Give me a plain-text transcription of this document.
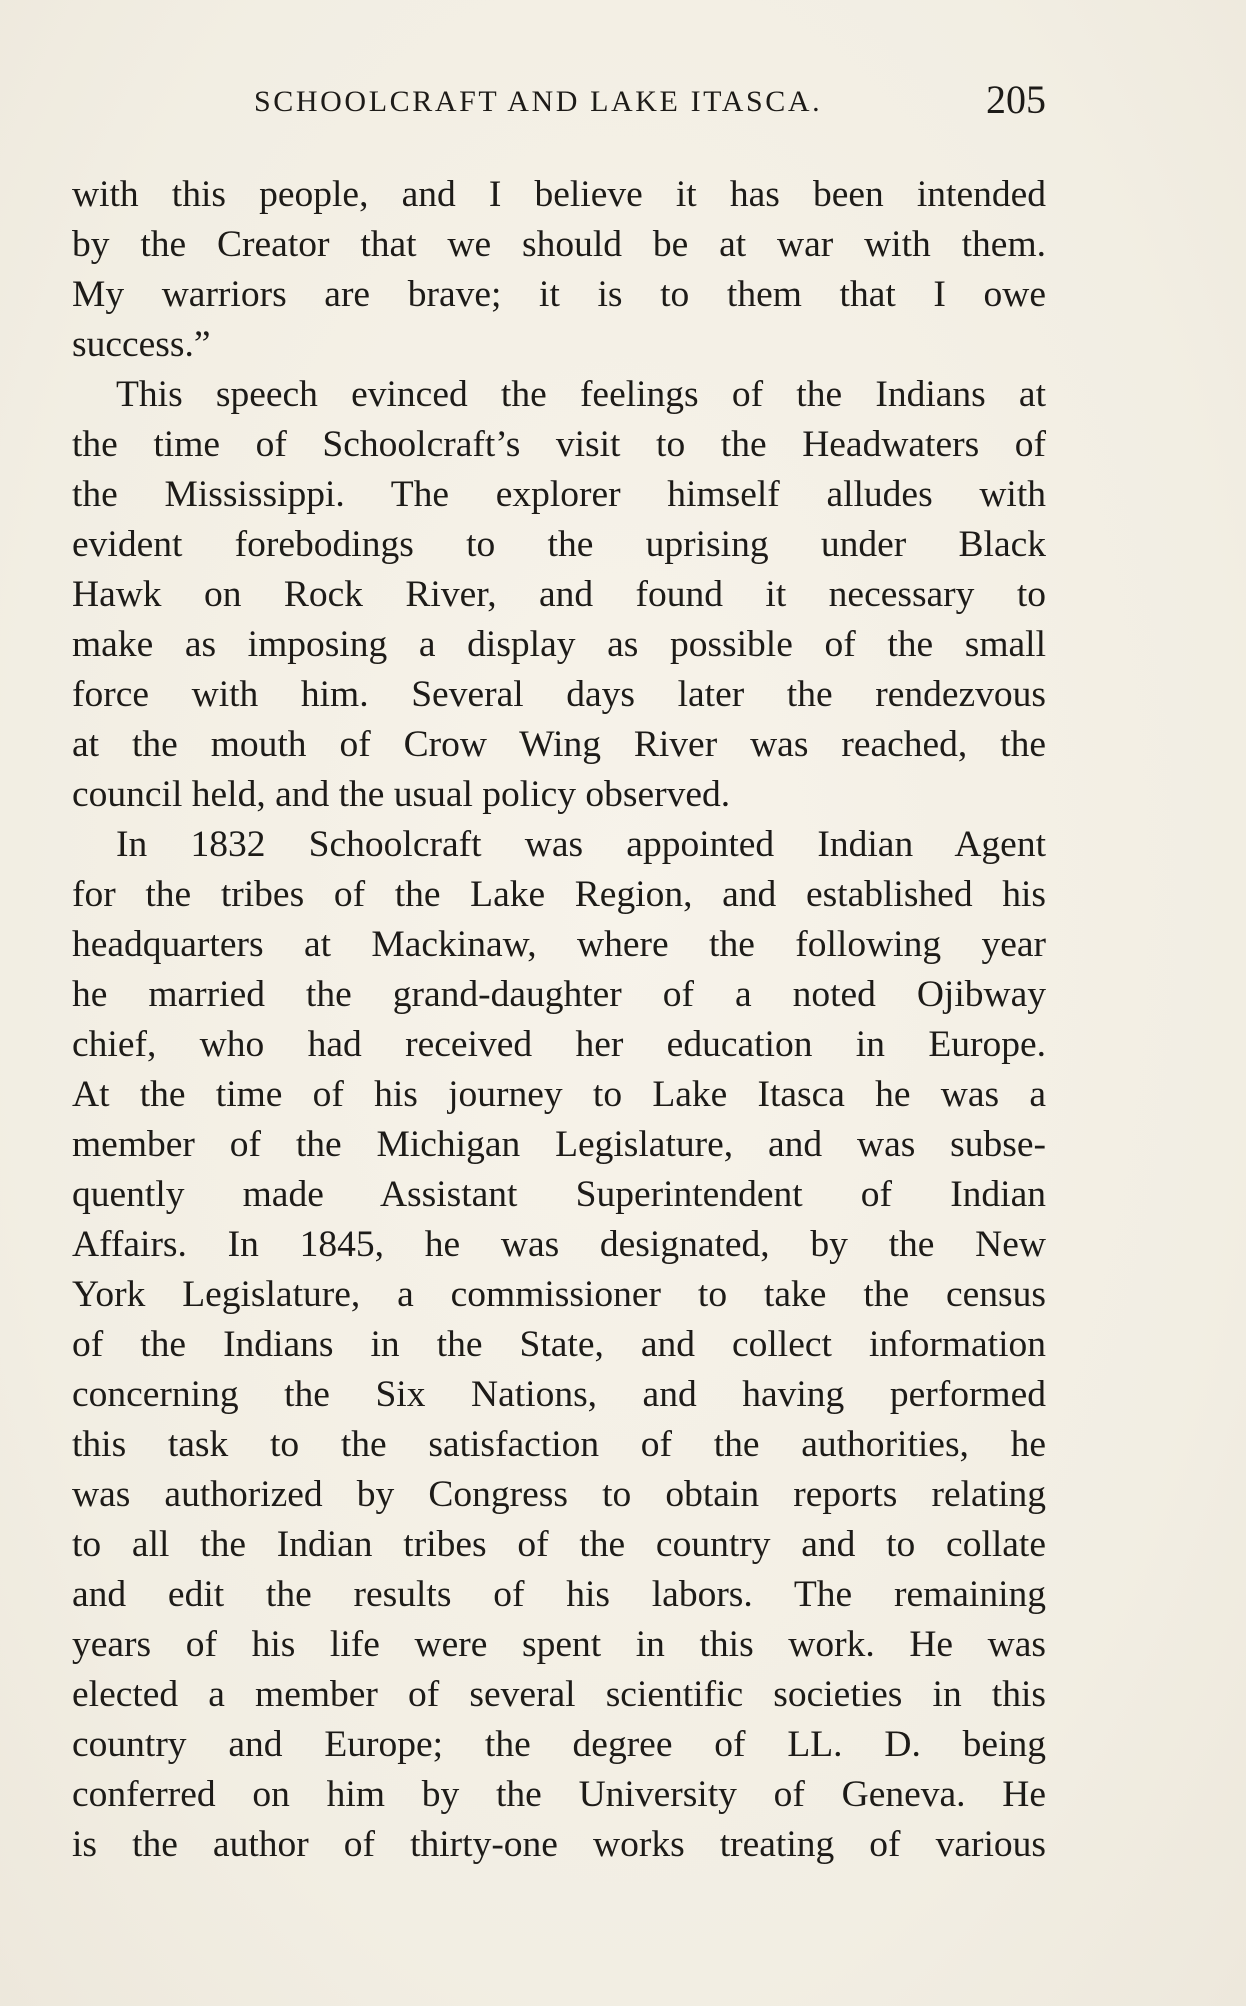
SCHOOLCRAFT AND LAKE ITASCA.	205
with this people, and I believe it has been intended
by the Creator that we should be at war with them.
My warriors are brave; it is to them that I owe
success.”
This speech evinced the feelings of the Indians at
the time of Schoolcraft’s visit to the Headwaters of
the Mississippi. The explorer himself alludes with
evident forebodings to the uprising under Black
Hawk on Rock River, and found it necessary to
make as imposing a display as possible of the small
force with him. Several days later the rendezvous
at the mouth of Crow Wing River was reached, the
council held, and the usual policy observed.
In 1832 Schoolcraft was appointed Indian Agent
for the tribes of the Lake Region, and established his
headquarters at Mackinaw, where the following year
he married the grand-daughter of a noted Ojibway
chief, who had received her education in Europe.
At the time of his journey to Lake Itasca he was a
member of the Michigan Legislature, and was subse-
quently made Assistant Superintendent of Indian
Affairs. In 1845, he was designated, by the New
York Legislature, a commissioner to take the census
of the Indians in the State, and collect information
concerning the Six Nations, and having performed
this task to the satisfaction of the authorities, he
was authorized by Congress to obtain reports relating
to all the Indian tribes of the country and to collate
and edit the results of his labors. The remaining
years of his life were spent in this work. He was
elected a member of several scientific societies in this
country and Europe; the degree of LL. D. being
conferred on him by the University of Geneva. He
is the author of thirty-one works treating of various
